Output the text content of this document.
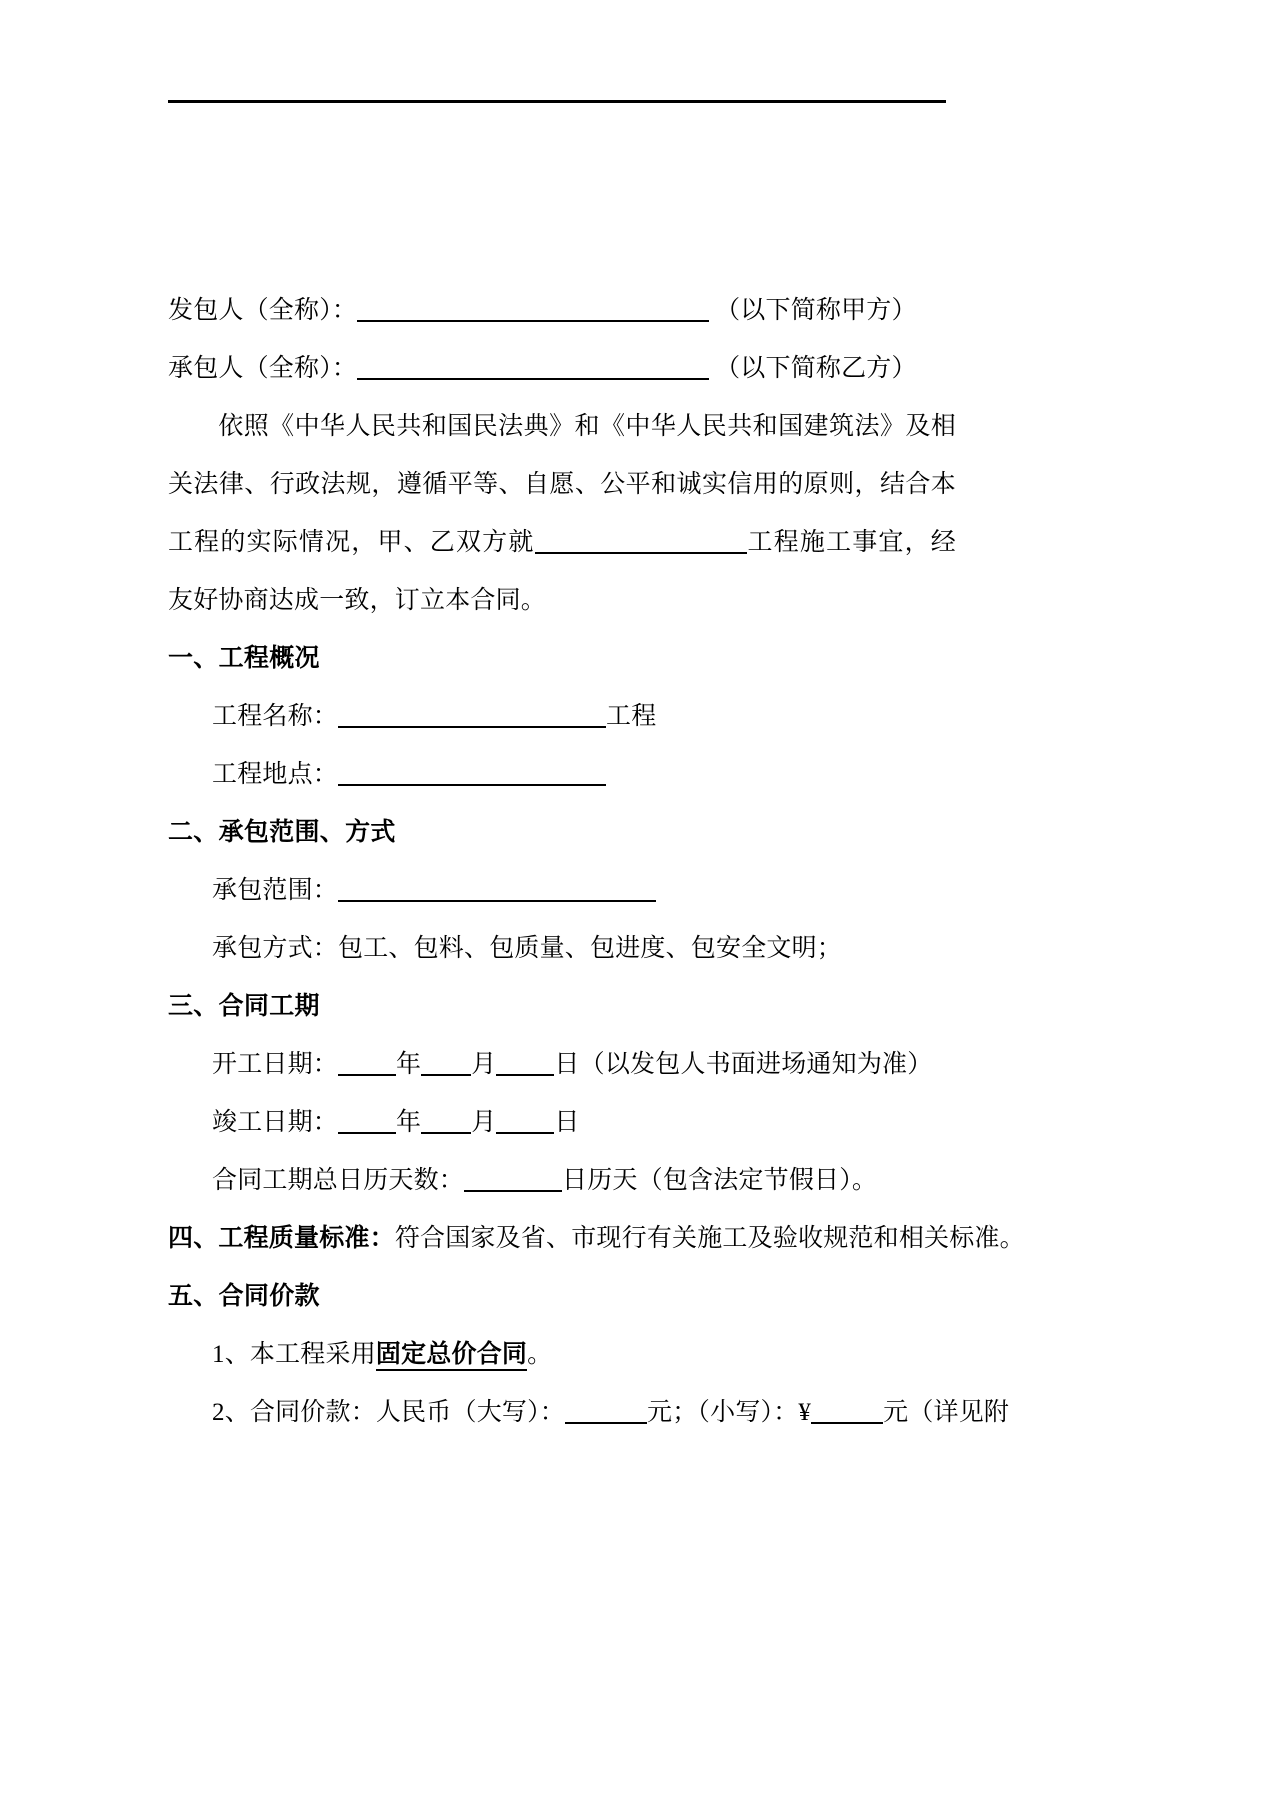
发包人（全称）：	（以下简称甲方）
承包人（全称）：	（以下简称乙方）
依照《中华人民共和国民法典》和《中华人民共和国建筑法》及相关法律、行政法规，遵循平等、自愿、公平和诚实信用的原则，结合本工程的实际情况，甲、乙双方就	工程施工事宜，经友好协商达成一致，订立本合同。
一、工程概况
工程名称：	工程
工程地点：
二、承包范围、方式
承包范围：
承包方式：包工、包料、包质量、包进度、包安全文明；
三、合同工期
开工日期： 年 月 日（以发包人书面进场通知为准）
竣工日期： 年 月 日
合同工期总日历天数：	日历天（包含法定节假日）。
四、工程质量标准：符合国家及省、市现行有关施工及验收规范和相关标准。
五、合同价款
1、本工程采用固定总价合同。
2、合同价款：人民币（大写）：	元；（小写）：¥	元（详见附
